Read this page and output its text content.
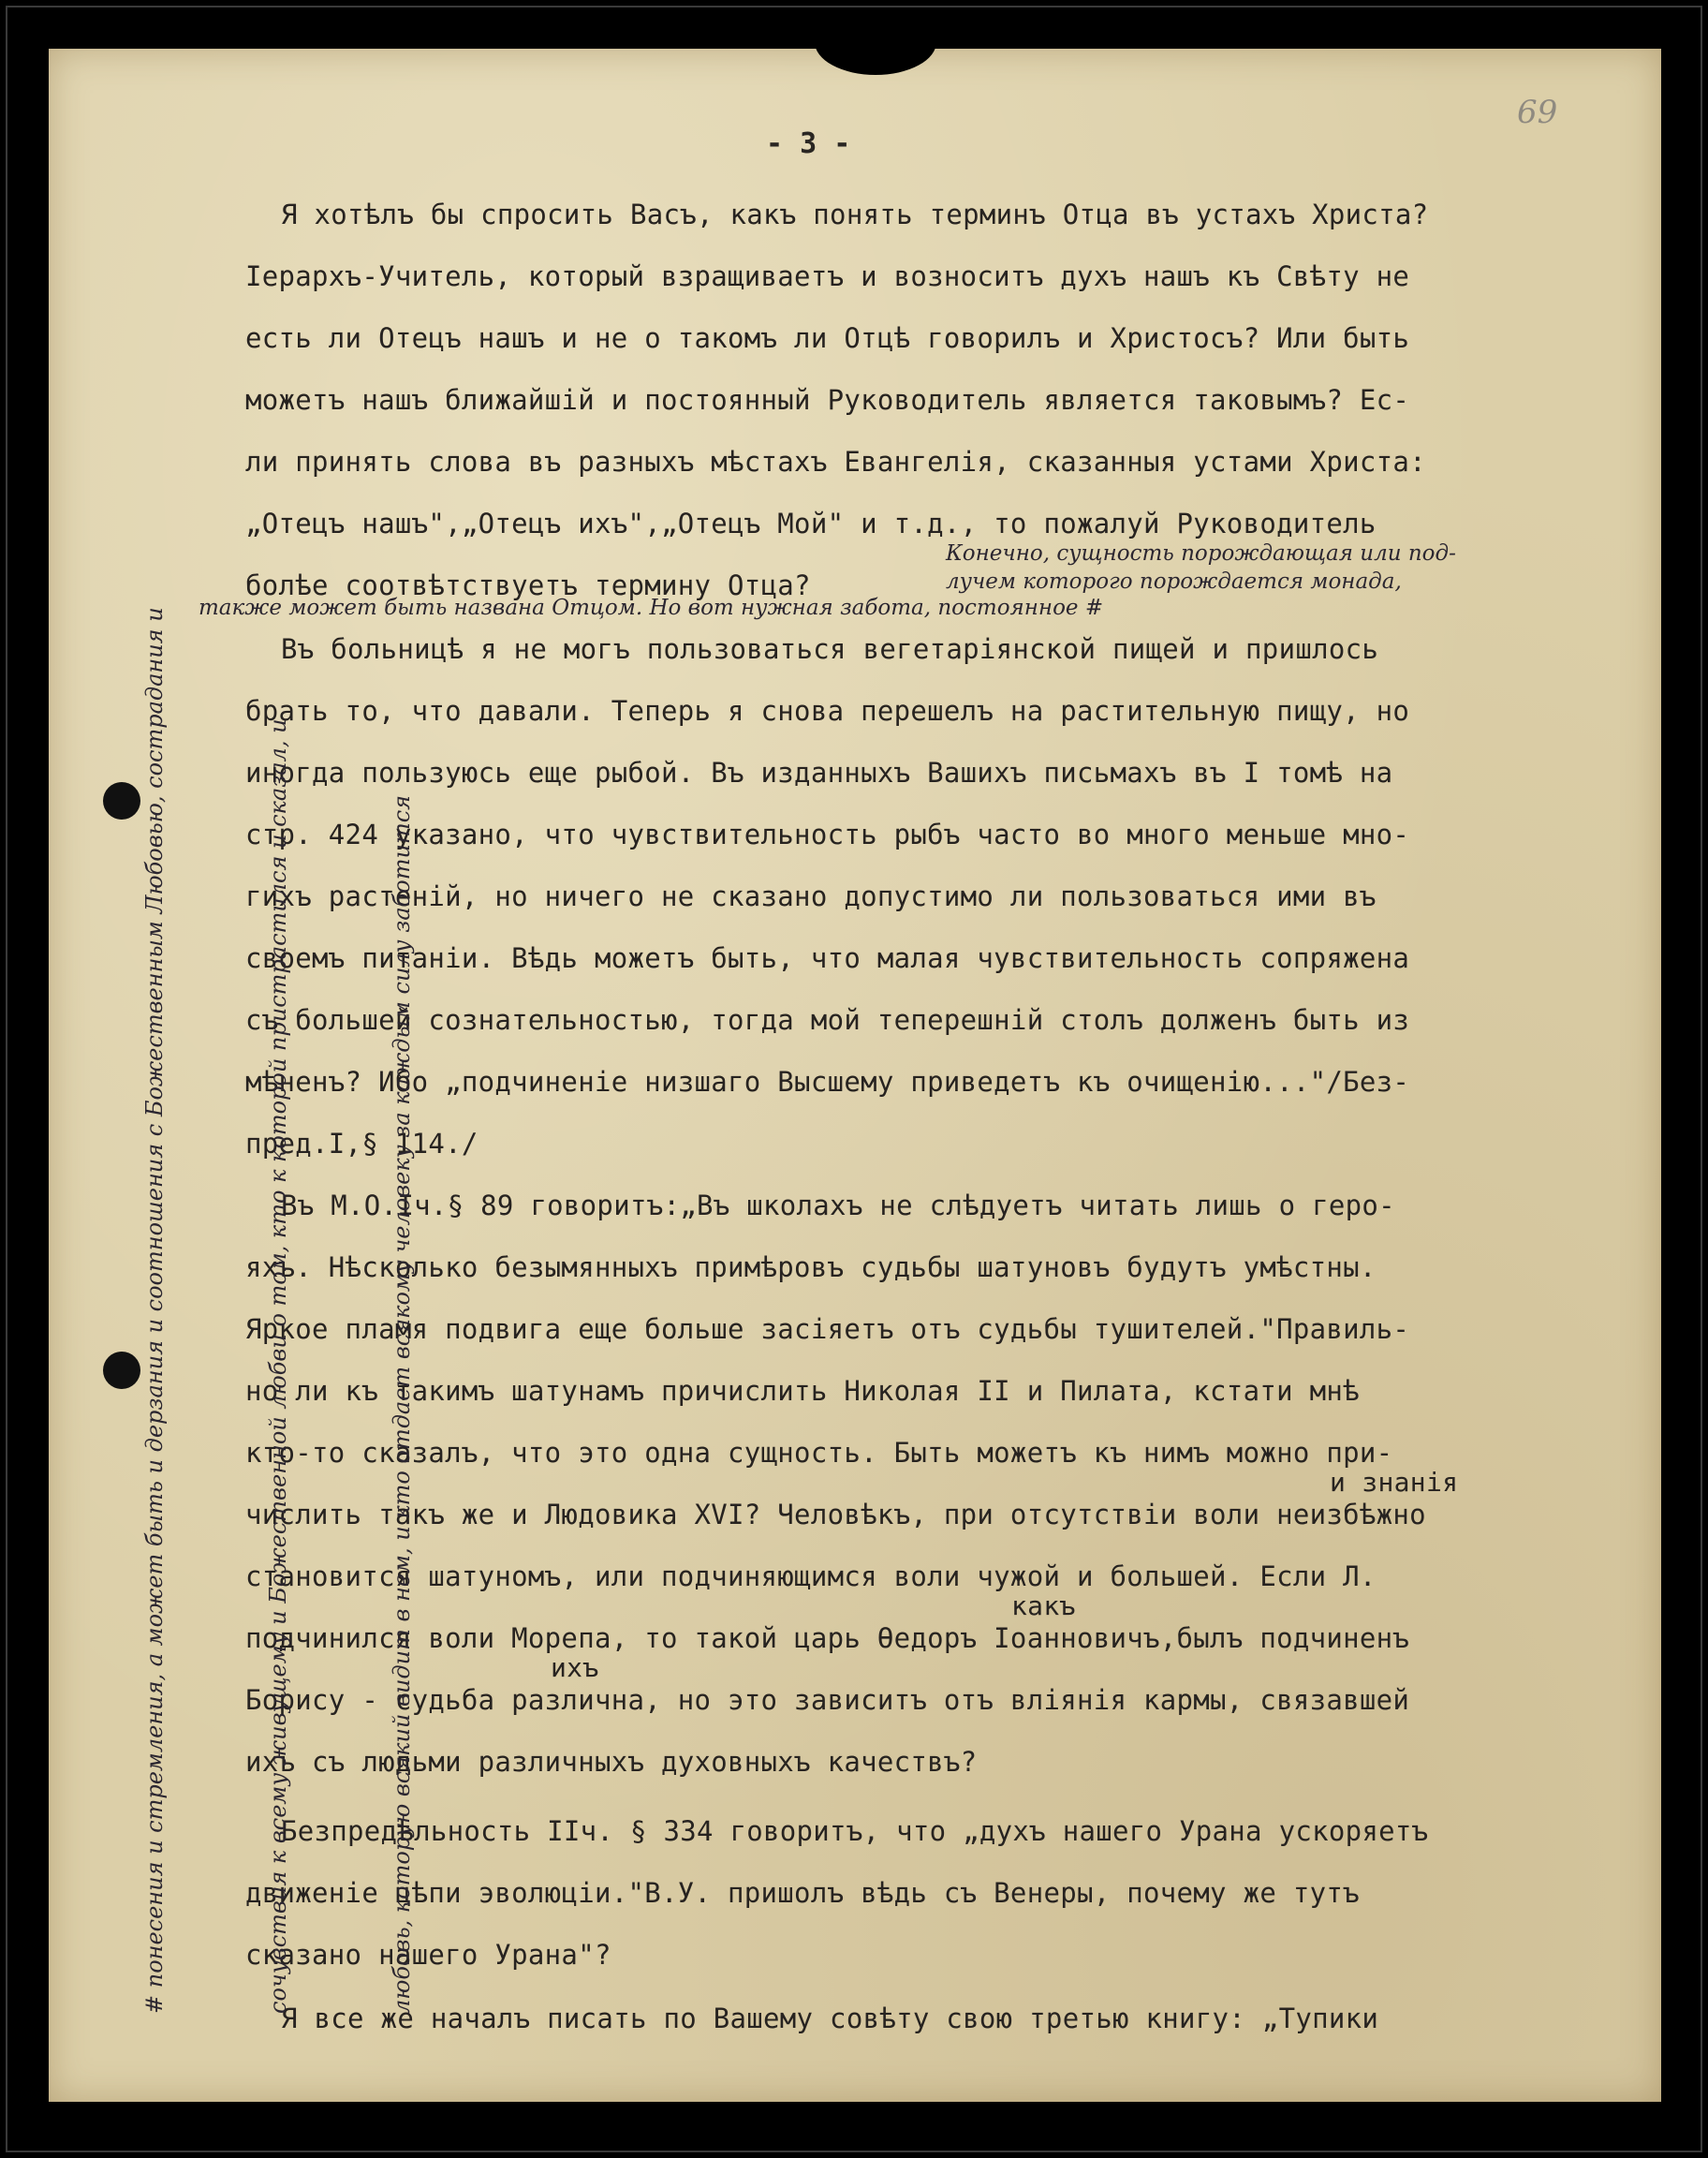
69
- 3 -
Я хотѣлъ бы спросить Васъ, какъ понять терминъ Отца въ устахъ Христа?
Іерархъ-Учитель, который взращиваетъ и возноситъ духъ нашъ къ Свѣту не
есть ли Отецъ нашъ и не о такомъ ли Отцѣ говорилъ и Христосъ? Или быть
можетъ нашъ ближайшій и постоянный Руководитель является таковымъ? Ес-
ли принять слова въ разныхъ мѣстахъ Евангелія, сказанныя устами Христа:
„Отецъ нашъ",„Отецъ ихъ",„Отецъ Мой" и т.д., то пожалуй Руководитель
болѣе соотвѣтствуетъ термину Отца?
Конечно, сущность порождающая или под-
лучем которого порождается монада,
также может быть названа Отцом. Но вот нужная забота, постоянное #
Въ больницѣ я не могъ пользоваться вегетаріянской пищей и пришлось
брать то, что давали. Теперь я снова перешелъ на растительную пищу, но
иногда пользуюсь еще рыбой. Въ изданныхъ Вашихъ письмахъ въ I томѣ на
стр. 424 указано, что чувствительность рыбъ часто во много меньше мно-
гихъ растеній, но ничего не сказано допустимо ли пользоваться ими въ
своемъ питаніи. Вѣдь можетъ быть, что малая чувствительность сопряжена
съ большей сознательностью, тогда мой теперешній столъ долженъ быть из
мѣненъ? Ибо „подчиненіе низшаго Высшему приведетъ къ очищенію..."/Без-
пред.I,§ 114./
Въ М.О.Iч.§ 89 говоритъ:„Въ школахъ не слѣдуетъ читать лишь о геро-
яхъ. Нѣсколько безымянныхъ примѣровъ судьбы шатуновъ будутъ умѣстны.
Яркое пламя подвига еще больше засіяетъ отъ судьбы тушителей."Правиль-
но ли къ такимъ шатунамъ причислить Николая II и Пилата, кстати мнѣ
кто-то сказалъ, что это одна сущность. Быть можетъ къ нимъ можно при-
и знанія
числить такъ же и Людовика XVI? Человѣкъ, при отсутствіи воли неизбѣжно
становится шатуномъ, или подчиняющимся воли чужой и большей. Если Л.
какъ
подчинился воли Морепа, то такой царь Ѳедоръ Іоанновичъ,былъ подчиненъ
ихъ
Борису - судьба различна, но это зависитъ отъ вліянія кармы, связавшей
ихъ съ людьми различныхъ духовныхъ качествъ?
Безпредѣльность IIч. § 334 говоритъ, что „духъ нашего Урана ускоряетъ
движеніе цѣпи эволюціи."В.У. пришолъ вѣдь съ Венеры, почему же тутъ
сказано нашего Урана"?
Я все же началъ писать по Вашему совѣту свою третью книгу: „Тупики

# понесения и стремления, а может быть и дерзания и соотношения с Божественным Любовью, сострадания и

	сочувствия к всему живущему и Божественной любви о том, кто к которой пристрастился и сказал, и

	любовь, которую всякий видит в нем, и кто отдает всякому человеку за каждым силу заботится
